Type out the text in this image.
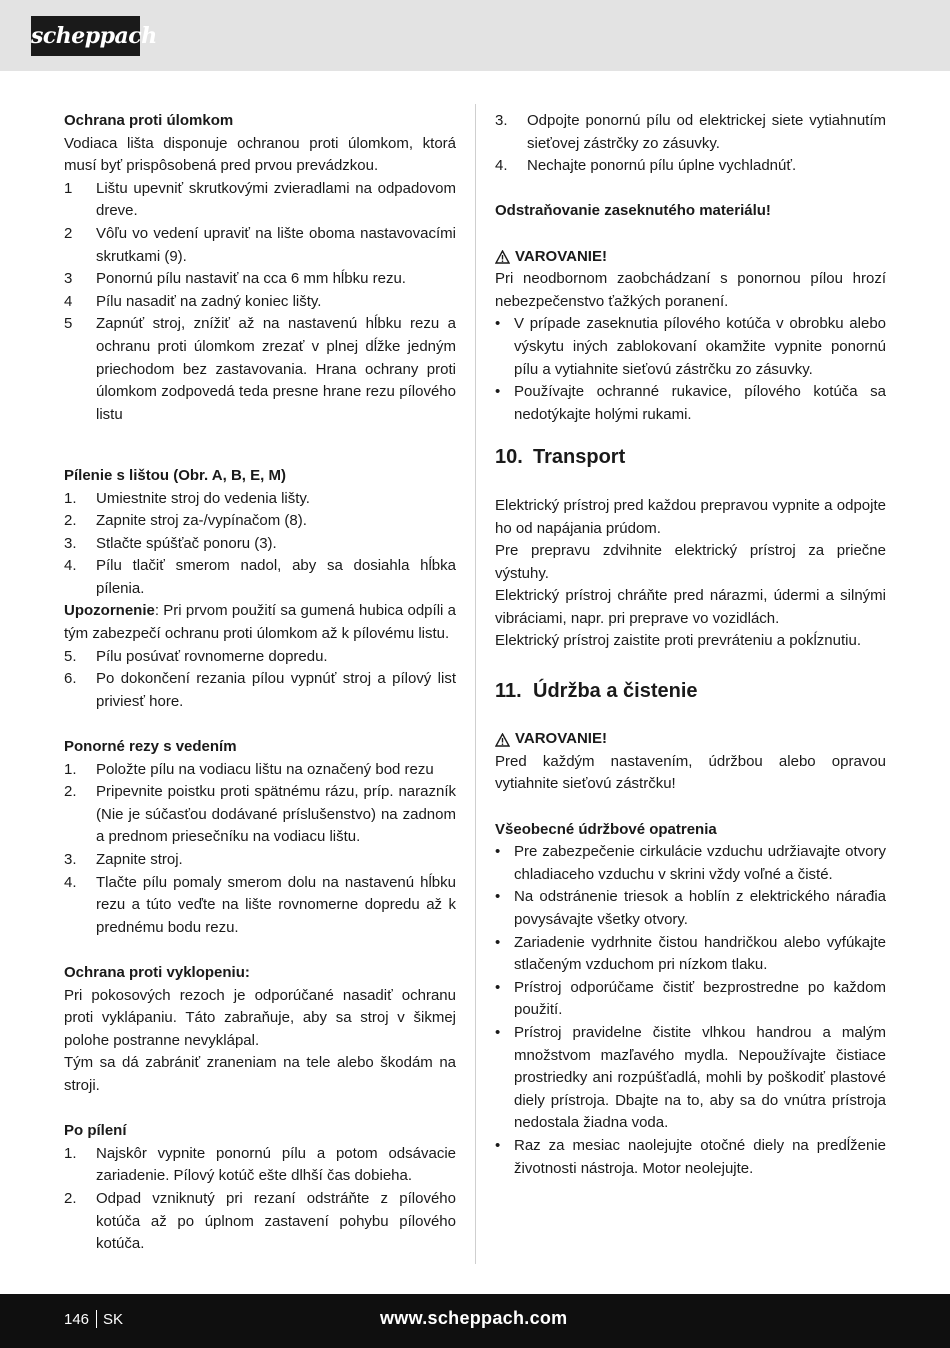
scheppach
Ochrana proti úlomkom

Vodiaca lišta disponuje ochranou proti úlomkom, ktorá musí byť prispôsobená pred prvou prevádzkou.

1	Lištu upevniť skrutkovými zvieradlami na odpadovom dreve.
2	Vôľu vo vedení upraviť na lište oboma nastavovacími skrutkami (9).
3	Ponornú pílu nastaviť na cca 6 mm hĺbku rezu.
4	Pílu nasadiť na zadný koniec lišty.
5	Zapnúť stroj, znížiť až na nastavenú hĺbku rezu a ochranu proti úlomkom zrezať v plnej dĺžke jedným priechodom bez zastavovania. Hrana ochrany proti úlomkom zodpovedá teda presne hrane rezu pílového listu
Pílenie s lištou (Obr. A, B, E, M)
1.	Umiestnite stroj do vedenia lišty.
2.	Zapnite stroj za-/vypínačom (8).
3.	Stlačte spúšťač ponoru (3).
4.	Pílu tlačiť smerom nadol, aby sa dosiahla hĺbka pílenia.

Upozornenie: Pri prvom použití sa gumená hubica odpíli a tým zabezpečí ochranu proti úlomkom až k pílovému listu.

5.	Pílu posúvať rovnomerne dopredu.
6.	Po dokončení rezania pílou vypnúť stroj a pílový list priviesť hore.
Ponorné rezy s vedením
1.	Položte pílu na vodiacu lištu na označený bod rezu
2.	Pripevnite poistku proti spätnému rázu, príp. narazník (Nie je súčasťou dodávané príslušenstvo) na zadnom a prednom priesečníku na vodiacu lištu.
3.	Zapnite stroj.
4.	Tlačte pílu pomaly smerom dolu na nastavenú hĺbku rezu a túto veďte na lište rovnomerne dopredu až k prednému bodu rezu.
Ochrana proti vyklopeniu:

Pri pokosových rezoch je odporúčané nasadiť ochranu proti vyklápaniu. Táto zabraňuje, aby sa stroj v šikmej polohe postranne nevyklápal.

Tým sa dá zabrániť zraneniam na tele alebo škodám na stroji.

Po pílení
1.	Najskôr vypnite ponornú pílu a potom odsávacie zariadenie. Pílový kotúč ešte dlhší čas dobieha.
2.	Odpad vzniknutý pri rezaní odstráňte z pílového kotúča až po úplnom zastavení pohybu pílového kotúča.
3.	Odpojte ponornú pílu od elektrickej siete vytiahnutím sieťovej zástrčky zo zásuvky.
4.	Nechajte ponornú pílu úplne vychladnúť.
Odstraňovanie zaseknutého materiálu!
VAROVANIE!

Pri neodbornom zaobchádzaní s ponornou pílou hrozí nebezpečenstvo ťažkých poranení.

• V prípade zaseknutia pílového kotúča v obrobku alebo výskytu iných zablokovaní okamžite vypnite ponornú pílu a vytiahnite sieťovú zástrčku zo zásuvky.
• Používajte ochranné rukavice, pílového kotúča sa nedotýkajte holými rukami.
10. Transport

Elektrický prístroj pred každou prepravou vypnite a odpojte ho od napájania prúdom.

Pre prepravu zdvihnite elektrický prístroj za priečne výstuhy.

Elektrický prístroj chráňte pred nárazmi, údermi a silnými vibráciami, napr. pri preprave vo vozidlách.

Elektrický prístroj zaistite proti prevráteniu a pokĺznutiu.

11. Údržba a čistenie
VAROVANIE!

Pred každým nastavením, údržbou alebo opravou vytiahnite sieťovú zástrčku!

Všeobecné údržbové opatrenia
• Pre zabezpečenie cirkulácie vzduchu udržiavajte otvory chladiaceho vzduchu v skrini vždy voľné a čisté.
• Na odstránenie triesok a hoblín z elektrického nárađia povysávajte všetky otvory.
• Zariadenie vydrhnite čistou handričkou alebo vyfúkajte stlačeným vzduchom pri nízkom tlaku.
• Prístroj odporúčame čistiť bezprostredne po každom použití.
• Prístroj pravidelne čistite vlhkou handrou a malým množstvom mazľavého mydla. Nepoužívajte čistiace prostriedky ani rozpúšťadlá, mohli by poškodiť plastové diely prístroja. Dbajte na to, aby sa do vnútra prístroja nedostala žiadna voda.
• Raz za mesiac naolejujte otočné diely na predĺženie životnosti nástroja. Motor neolejujte.
146 SK	www.scheppach.com
